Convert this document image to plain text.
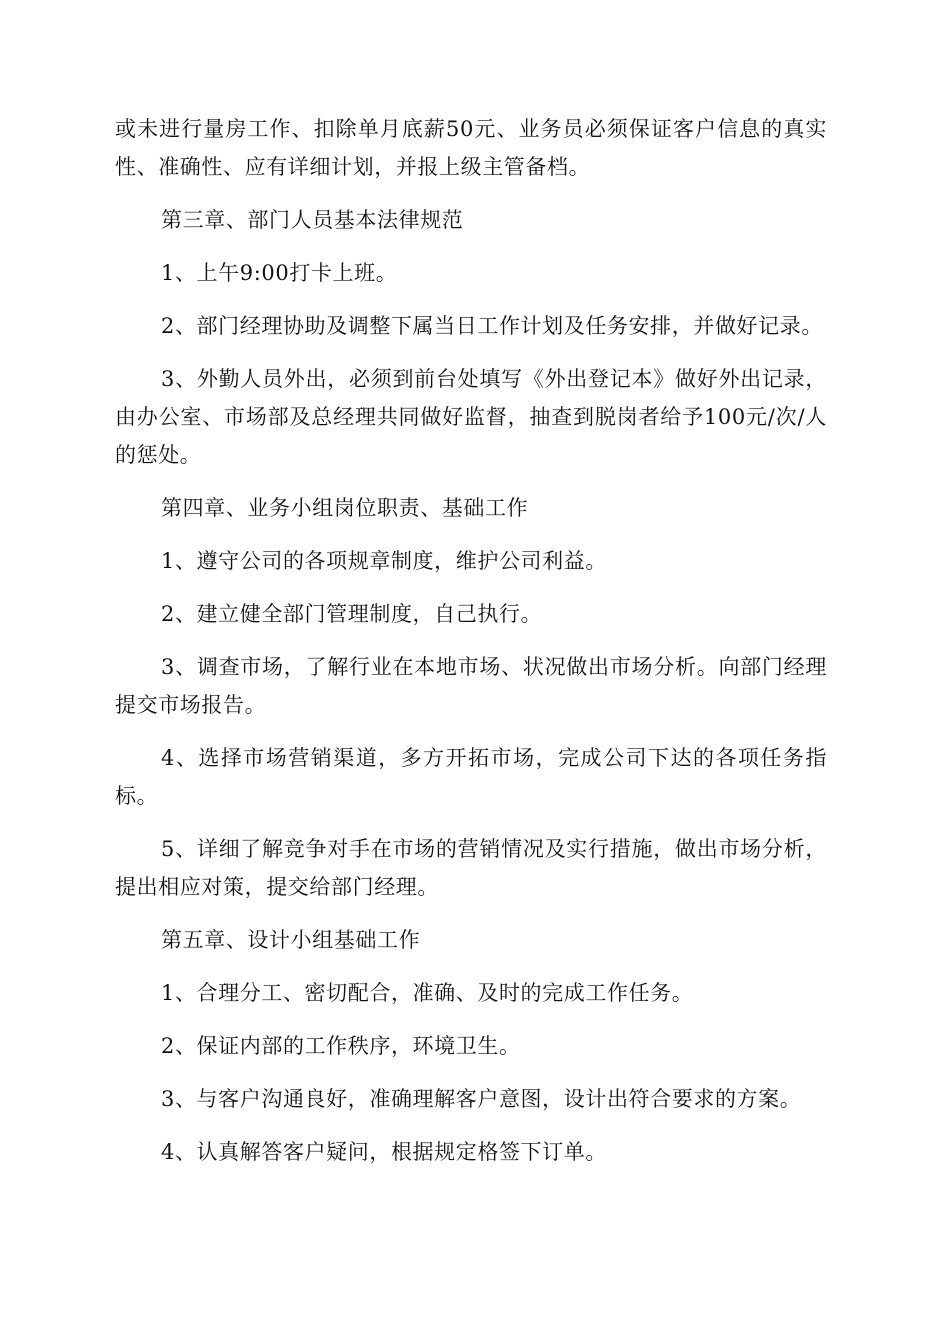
或未进行量房工作、扣除单月底薪50元、业务员必须保证客户信息的真实性、准确性、应有详细计划，并报上级主管备档。

第三章、部门人员基本法律规范

1、上午9:00打卡上班。

2、部门经理协助及调整下属当日工作计划及任务安排，并做好记录。

3、外勤人员外出，必须到前台处填写《外出登记本》做好外出记录，由办公室、市场部及总经理共同做好监督，抽查到脱岗者给予100元/次/人的惩处。

第四章、业务小组岗位职责、基础工作

1、遵守公司的各项规章制度，维护公司利益。

2、建立健全部门管理制度，自己执行。

3、调查市场，了解行业在本地市场、状况做出市场分析。向部门经理提交市场报告。

4、选择市场营销渠道，多方开拓市场，完成公司下达的各项任务指标。

5、详细了解竞争对手在市场的营销情况及实行措施，做出市场分析，提出相应对策，提交给部门经理。

第五章、设计小组基础工作

1、合理分工、密切配合，准确、及时的完成工作任务。

2、保证内部的工作秩序，环境卫生。

3、与客户沟通良好，准确理解客户意图，设计出符合要求的方案。

4、认真解答客户疑问，根据规定格签下订单。
